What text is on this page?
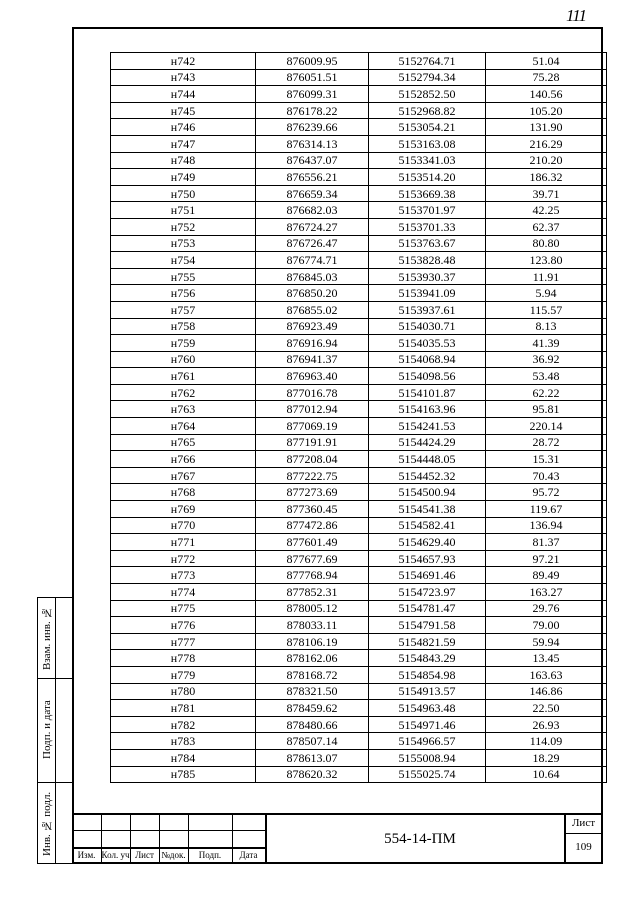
111
Взам. инв. №
Подп. и дата
Инв. № подл.
н742	876009.95	5152764.71	51.04
н743	876051.51	5152794.34	75.28
н744	876099.31	5152852.50	140.56
н745	876178.22	5152968.82	105.20
н746	876239.66	5153054.21	131.90
н747	876314.13	5153163.08	216.29
н748	876437.07	5153341.03	210.20
н749	876556.21	5153514.20	186.32
н750	876659.34	5153669.38	39.71
н751	876682.03	5153701.97	42.25
н752	876724.27	5153701.33	62.37
н753	876726.47	5153763.67	80.80
н754	876774.71	5153828.48	123.80
н755	876845.03	5153930.37	11.91
н756	876850.20	5153941.09	5.94
н757	876855.02	5153937.61	115.57
н758	876923.49	5154030.71	8.13
н759	876916.94	5154035.53	41.39
н760	876941.37	5154068.94	36.92
н761	876963.40	5154098.56	53.48
н762	877016.78	5154101.87	62.22
н763	877012.94	5154163.96	95.81
н764	877069.19	5154241.53	220.14
н765	877191.91	5154424.29	28.72
н766	877208.04	5154448.05	15.31
н767	877222.75	5154452.32	70.43
н768	877273.69	5154500.94	95.72
н769	877360.45	5154541.38	119.67
н770	877472.86	5154582.41	136.94
н771	877601.49	5154629.40	81.37
н772	877677.69	5154657.93	97.21
н773	877768.94	5154691.46	89.49
н774	877852.31	5154723.97	163.27
н775	878005.12	5154781.47	29.76
н776	878033.11	5154791.58	79.00
н777	878106.19	5154821.59	59.94
н778	878162.06	5154843.29	13.45
н779	878168.72	5154854.98	163.63
н780	878321.50	5154913.57	146.86
н781	878459.62	5154963.48	22.50
н782	878480.66	5154971.46	26.93
н783	878507.14	5154966.57	114.09
н784	878613.07	5155008.94	18.29
н785	878620.32	5155025.74	10.64
Изм. Кол. уч Лист №док.	Подп.	Дата
554-14-ПМ
Лист
109
